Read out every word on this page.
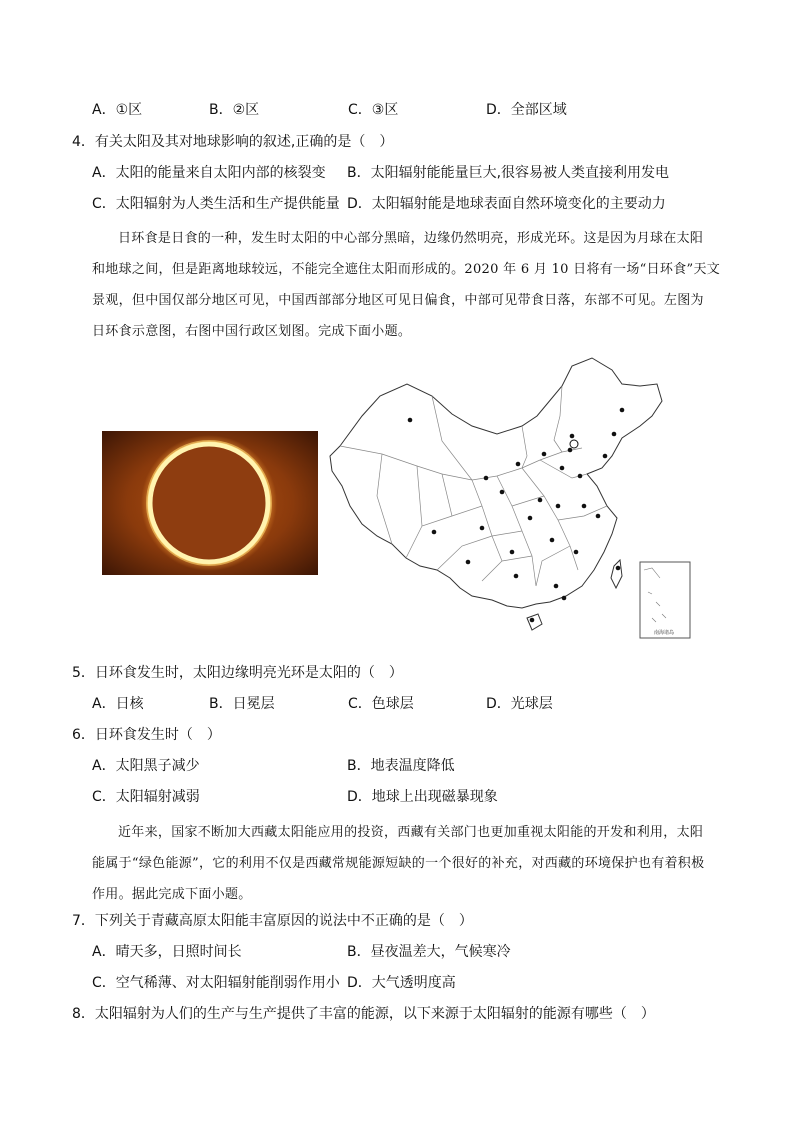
A．①区	B．②区	C．③区	D．全部区域
4．有关太阳及其对地球影响的叙述,正确的是（　）
A．太阳的能量来自太阳内部的核裂变 B．太阳辐射能能量巨大,很容易被人类直接利用发电
C．太阳辐射为人类生活和生产提供能量 D．太阳辐射能是地球表面自然环境变化的主要动力
日环食是日食的一种，发生时太阳的中心部分黑暗，边缘仍然明亮，形成光环。这是因为月球在太阳
和地球之间，但是距离地球较远，不能完全遮住太阳而形成的。2020 年 6 月 10 日将有一场“日环食”天文
景观，但中国仅部分地区可见，中国西部部分地区可见日偏食，中部可见带食日落，东部不可见。左图为
日环食示意图，右图中国行政区划图。完成下面小题。
南海诸岛
5．日环食发生时，太阳边缘明亮光环是太阳的（　）
A．日核	B．日冕层	C．色球层	D．光球层
6．日环食发生时（　）
A．太阳黑子减少	B．地表温度降低
C．太阳辐射减弱	D．地球上出现磁暴现象
近年来，国家不断加大西藏太阳能应用的投资，西藏有关部门也更加重视太阳能的开发和利用，太阳
能属于“绿色能源”，它的利用不仅是西藏常规能源短缺的一个很好的补充，对西藏的环境保护也有着积极
作用。据此完成下面小题。
7．下列关于青藏高原太阳能丰富原因的说法中不正确的是（　）
A．晴天多，日照时间长	B．昼夜温差大，气候寒冷
C．空气稀薄、对太阳辐射能削弱作用小 D．大气透明度高
8．太阳辐射为人们的生产与生产提供了丰富的能源，以下来源于太阳辐射的能源有哪些（　）
